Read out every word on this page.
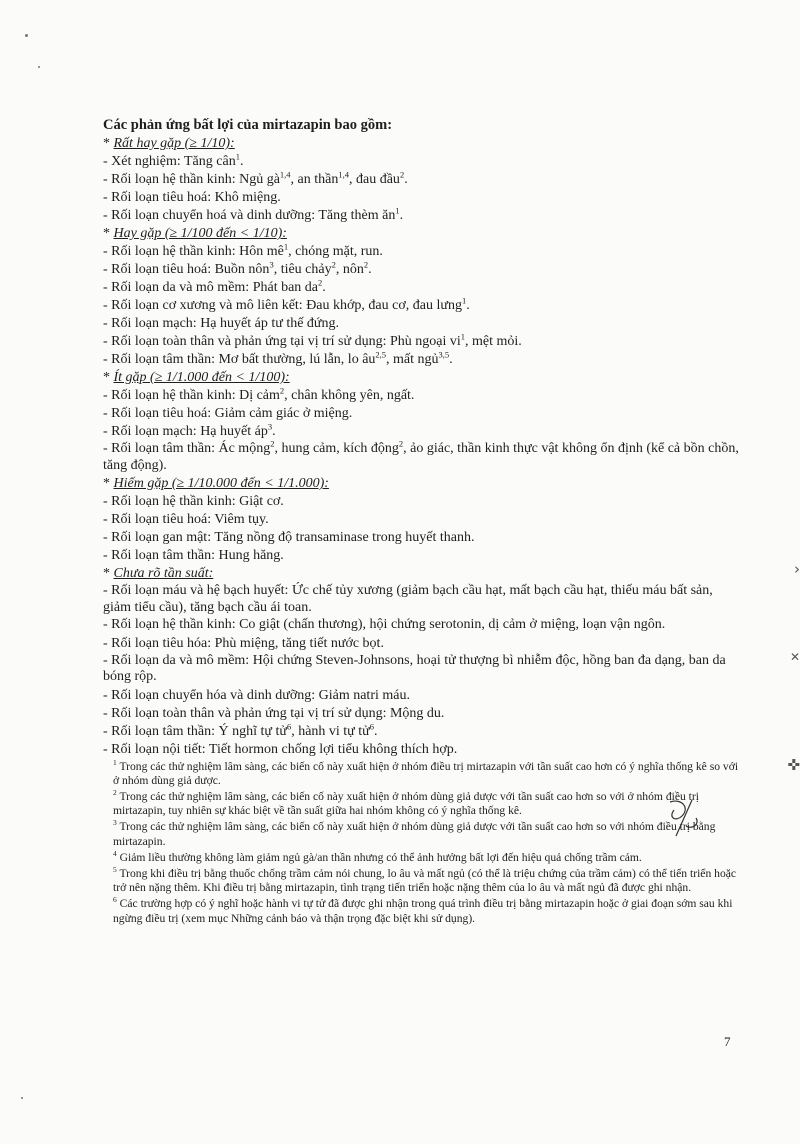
›
✕
✜
Các phản ứng bất lợi của mirtazapin bao gồm:
* Rất hay gặp (≥ 1/10):
- Xét nghiệm: Tăng cân$^1$.
- Rối loạn hệ thần kinh: Ngủ gà$^{1,4}$, an thần$^{1,4}$, đau đầu$^2$.
- Rối loạn tiêu hoá: Khô miệng.
- Rối loạn chuyển hoá và dinh dưỡng: Tăng thèm $ăn^1$.
* Hay gặp (≥ 1/100 đến < 1/10):
- Rối loạn hệ thần kinh: Hôn $mê^1$, chóng mặt, run.
- Rối loạn tiêu hoá: Buồn nôn$^3$, tiêu chảy$^2$, nôn$^2$.
- Rối loạn da và mô mềm: Phát ban $da^2$.
- Rối loạn cơ xương và mô liên kết: Đau khớp, đau cơ, đau lưng$^1$.
- Rối loạn mạch: Hạ huyết áp tư thế đứng.
- Rối loạn toàn thân và phản ứng tại vị trí sử dụng: Phù ngoại $vi^1$, mệt mỏi.
- Rối loạn tâm thần: Mơ bất thường, lú lẫn, lo âu$^{2,5}$, mất ngủ$^{3,5}$.
* Ít gặp (≥ 1/1.000 đến < 1/100):
- Rối loạn hệ thần kinh: Dị cảm$^2$, chân không yên, ngất.
- Rối loạn tiêu hoá: Giảm cảm giác ở miệng.
- Rối loạn mạch: Hạ huyết $áp^3$.
- Rối loạn tâm thần: Ác mộng$^2$, hung cảm, kích động$^2$, ảo giác, thần kinh thực vật không ổn định (kể cả bồn chồn, tăng động).
* Hiếm gặp (≥ 1/10.000 đến < 1/1.000):
- Rối loạn hệ thần kinh: Giật cơ.
- Rối loạn tiêu hoá: Viêm tụy.
- Rối loạn gan mật: Tăng nồng độ transaminase trong huyết thanh.
- Rối loạn tâm thần: Hung hăng.
* Chưa rõ tần suất:
- Rối loạn máu và hệ bạch huyết: Ức chế tủy xương (giảm bạch cầu hạt, mất bạch cầu hạt, thiếu máu bất sản, giảm tiểu cầu), tăng bạch cầu ái toan.
- Rối loạn hệ thần kinh: Co giật (chấn thương), hội chứng serotonin, dị cảm ở miệng, loạn vận ngôn.
- Rối loạn tiêu hóa: Phù miệng, tăng tiết nước bọt.
- Rối loạn da và mô mềm: Hội chứng Steven-Johnsons, hoại tử thượng bì nhiễm độc, hồng ban đa dạng, ban da bóng rộp.
- Rối loạn chuyển hóa và dinh dưỡng: Giảm natri máu.
- Rối loạn toàn thân và phản ứng tại vị trí sử dụng: Mộng du.
- Rối loạn tâm thần: Ý nghĩ tự tử$^6$, hành vi tự tử$^6$.
- Rối loạn nội tiết: Tiết hormon chống lợi tiểu không thích hợp.
$^1$ Trong các thử nghiệm lâm sàng, các biến cố này xuất hiện ở nhóm điều trị mirtazapin với tần suất cao hơn có ý nghĩa thống kê so với ở nhóm dùng giả dược.
$^2$ Trong các thử nghiệm lâm sàng, các biến cố này xuất hiện ở nhóm dùng giả dược với tần suất cao hơn so với ở nhóm điều trị mirtazapin, tuy nhiên sự khác biệt về tần suất giữa hai nhóm không có ý nghĩa thống kê.
$^3$ Trong các thử nghiệm lâm sàng, các biến cố này xuất hiện ở nhóm dùng giả dược với tần suất cao hơn so với nhóm điều trị bằng mirtazapin.
$^4$ Giảm liều thường không làm giảm ngủ gà/an thần nhưng có thể ảnh hưởng bất lợi đến hiệu quả chống trầm cảm.
$^5$ Trong khi điều trị bằng thuốc chống trầm cảm nói chung, lo âu và mất ngủ (có thể là triệu chứng của trầm cảm) có thể tiến triển hoặc trở nên nặng thêm. Khi điều trị bằng mirtazapin, tình trạng tiến triển hoặc nặng thêm của lo âu và mất ngủ đã được ghi nhận.
$^6$ Các trường hợp có ý nghĩ hoặc hành vi tự tử đã được ghi nhận trong quá trình điều trị bằng mirtazapin hoặc ở giai đoạn sớm sau khi ngừng điều trị (xem mục Những cảnh báo và thận trọng đặc biệt khi sử dụng).
7
